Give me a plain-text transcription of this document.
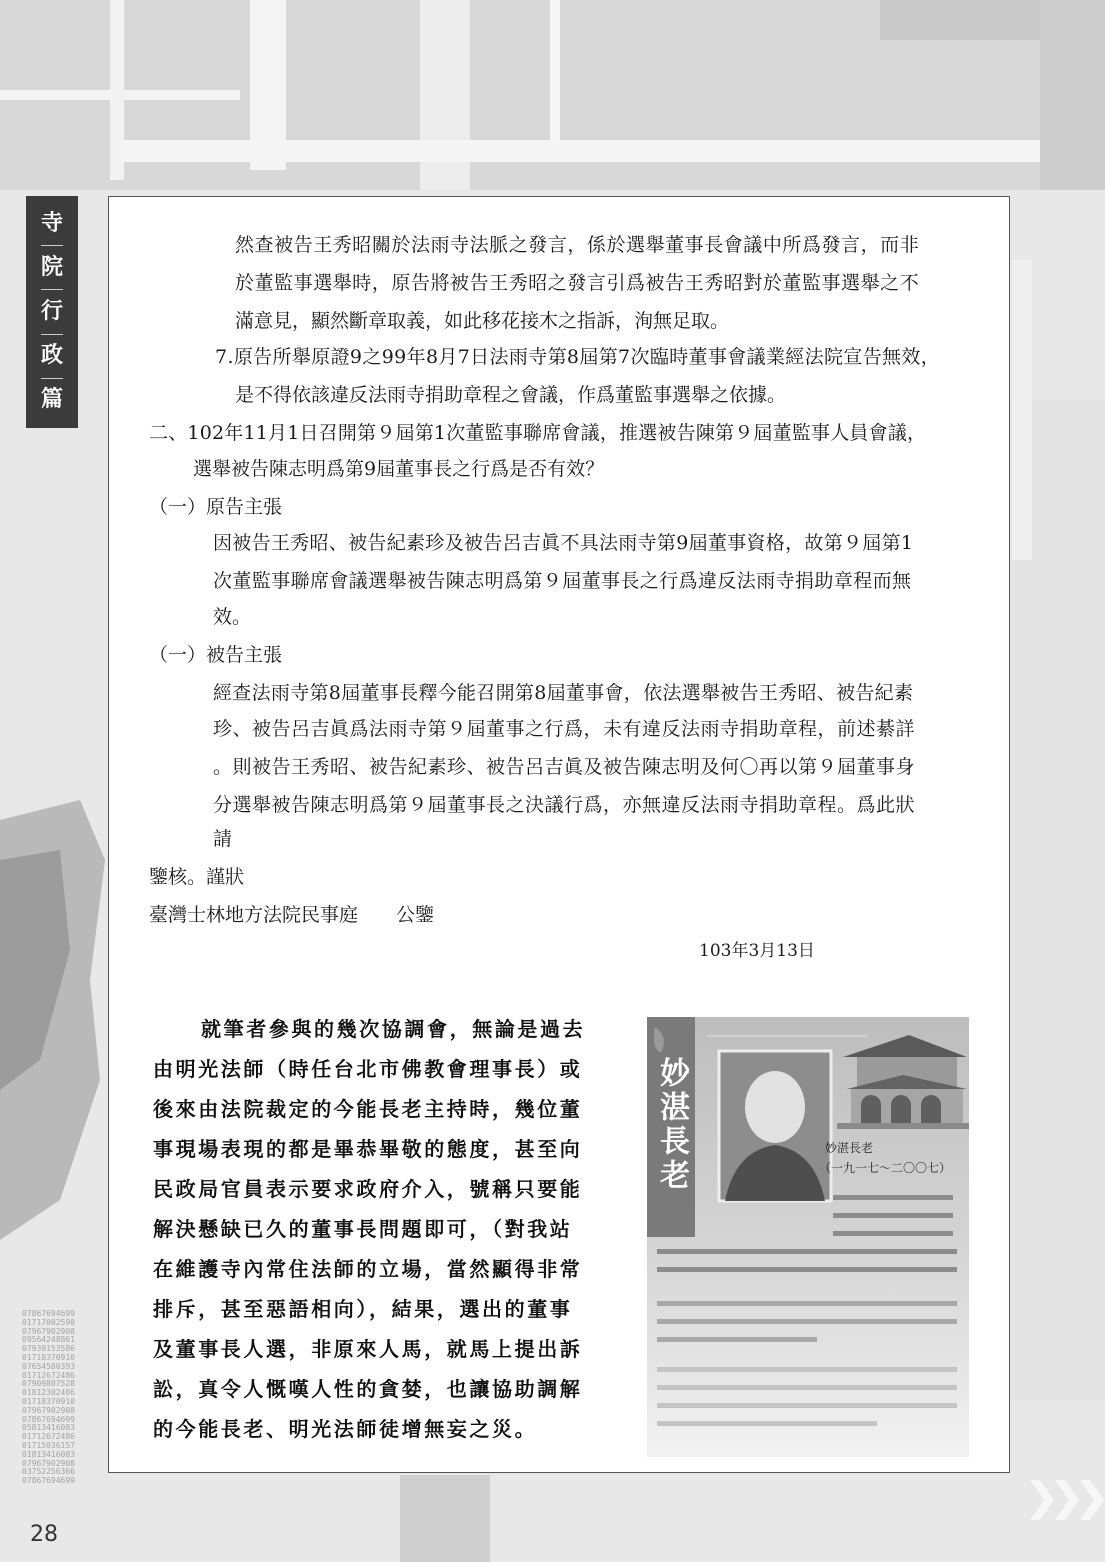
07867694699
01717002590
07967902908
09564248861
07939153586
01718370910
07654580393
01712672486
07909807528
01812302406
01718370910
07967902908
07867694699
05813416083
01712672486
01715036157
01813416083
07967902908
03752256366
07867694699
寺
院
行
政
篇
然查被告王秀昭關於法雨寺法脈之發言，係於選舉董事長會議中所爲發言，而非
於董監事選舉時，原告將被告王秀昭之發言引爲被告王秀昭對於董監事選舉之不
滿意見，顯然斷章取義，如此移花接木之指訴，洵無足取。
7.原告所舉原證9之99年8月7日法雨寺第8屆第7次臨時董事會議業經法院宣告無效，
是不得依該違反法雨寺捐助章程之會議，作爲董監事選舉之依據。
二、102年11月1日召開第９屆第1次董監事聯席會議，推選被告陳第９屆董監事人員會議，
選舉被告陳志明爲第9屆董事長之行爲是否有效？
（一）原告主張
因被告王秀昭、被告紀素珍及被告呂吉眞不具法雨寺第9屆董事資格，故第９屆第1
次董監事聯席會議選舉被告陳志明爲第９屆董事長之行爲違反法雨寺捐助章程而無
效。
（一）被告主張
經查法雨寺第8屆董事長釋今能召開第8屆董事會，依法選舉被告王秀昭、被告紀素
珍、被告呂吉眞爲法雨寺第９屆董事之行爲，未有違反法雨寺捐助章程，前述綦詳
。則被告王秀昭、被告紀素珍、被告呂吉眞及被告陳志明及何〇再以第９屆董事身
分選舉被告陳志明爲第９屆董事長之決議行爲，亦無違反法雨寺捐助章程。爲此狀
請
鑒核。謹狀
臺灣士林地方法院民事庭　　公鑒
103年3月13日
就筆者參與的幾次協調會，無論是過去
由明光法師（時任台北市佛教會理事長）或
後來由法院裁定的今能長老主持時，幾位董
事現場表現的都是畢恭畢敬的態度，甚至向
民政局官員表示要求政府介入，號稱只要能
解決懸缺已久的董事長問題即可，（對我站
在維護寺內常住法師的立場，當然顯得非常
排斥，甚至惡語相向），結果，選出的董事
及董事長人選，非原來人馬，就馬上提出訴
訟，真令人慨嘆人性的貪婪，也讓協助調解
的今能長老、明光法師徒增無妄之災。
妙湛長老	妙湛長老
（一九一七～二〇〇七）
28
